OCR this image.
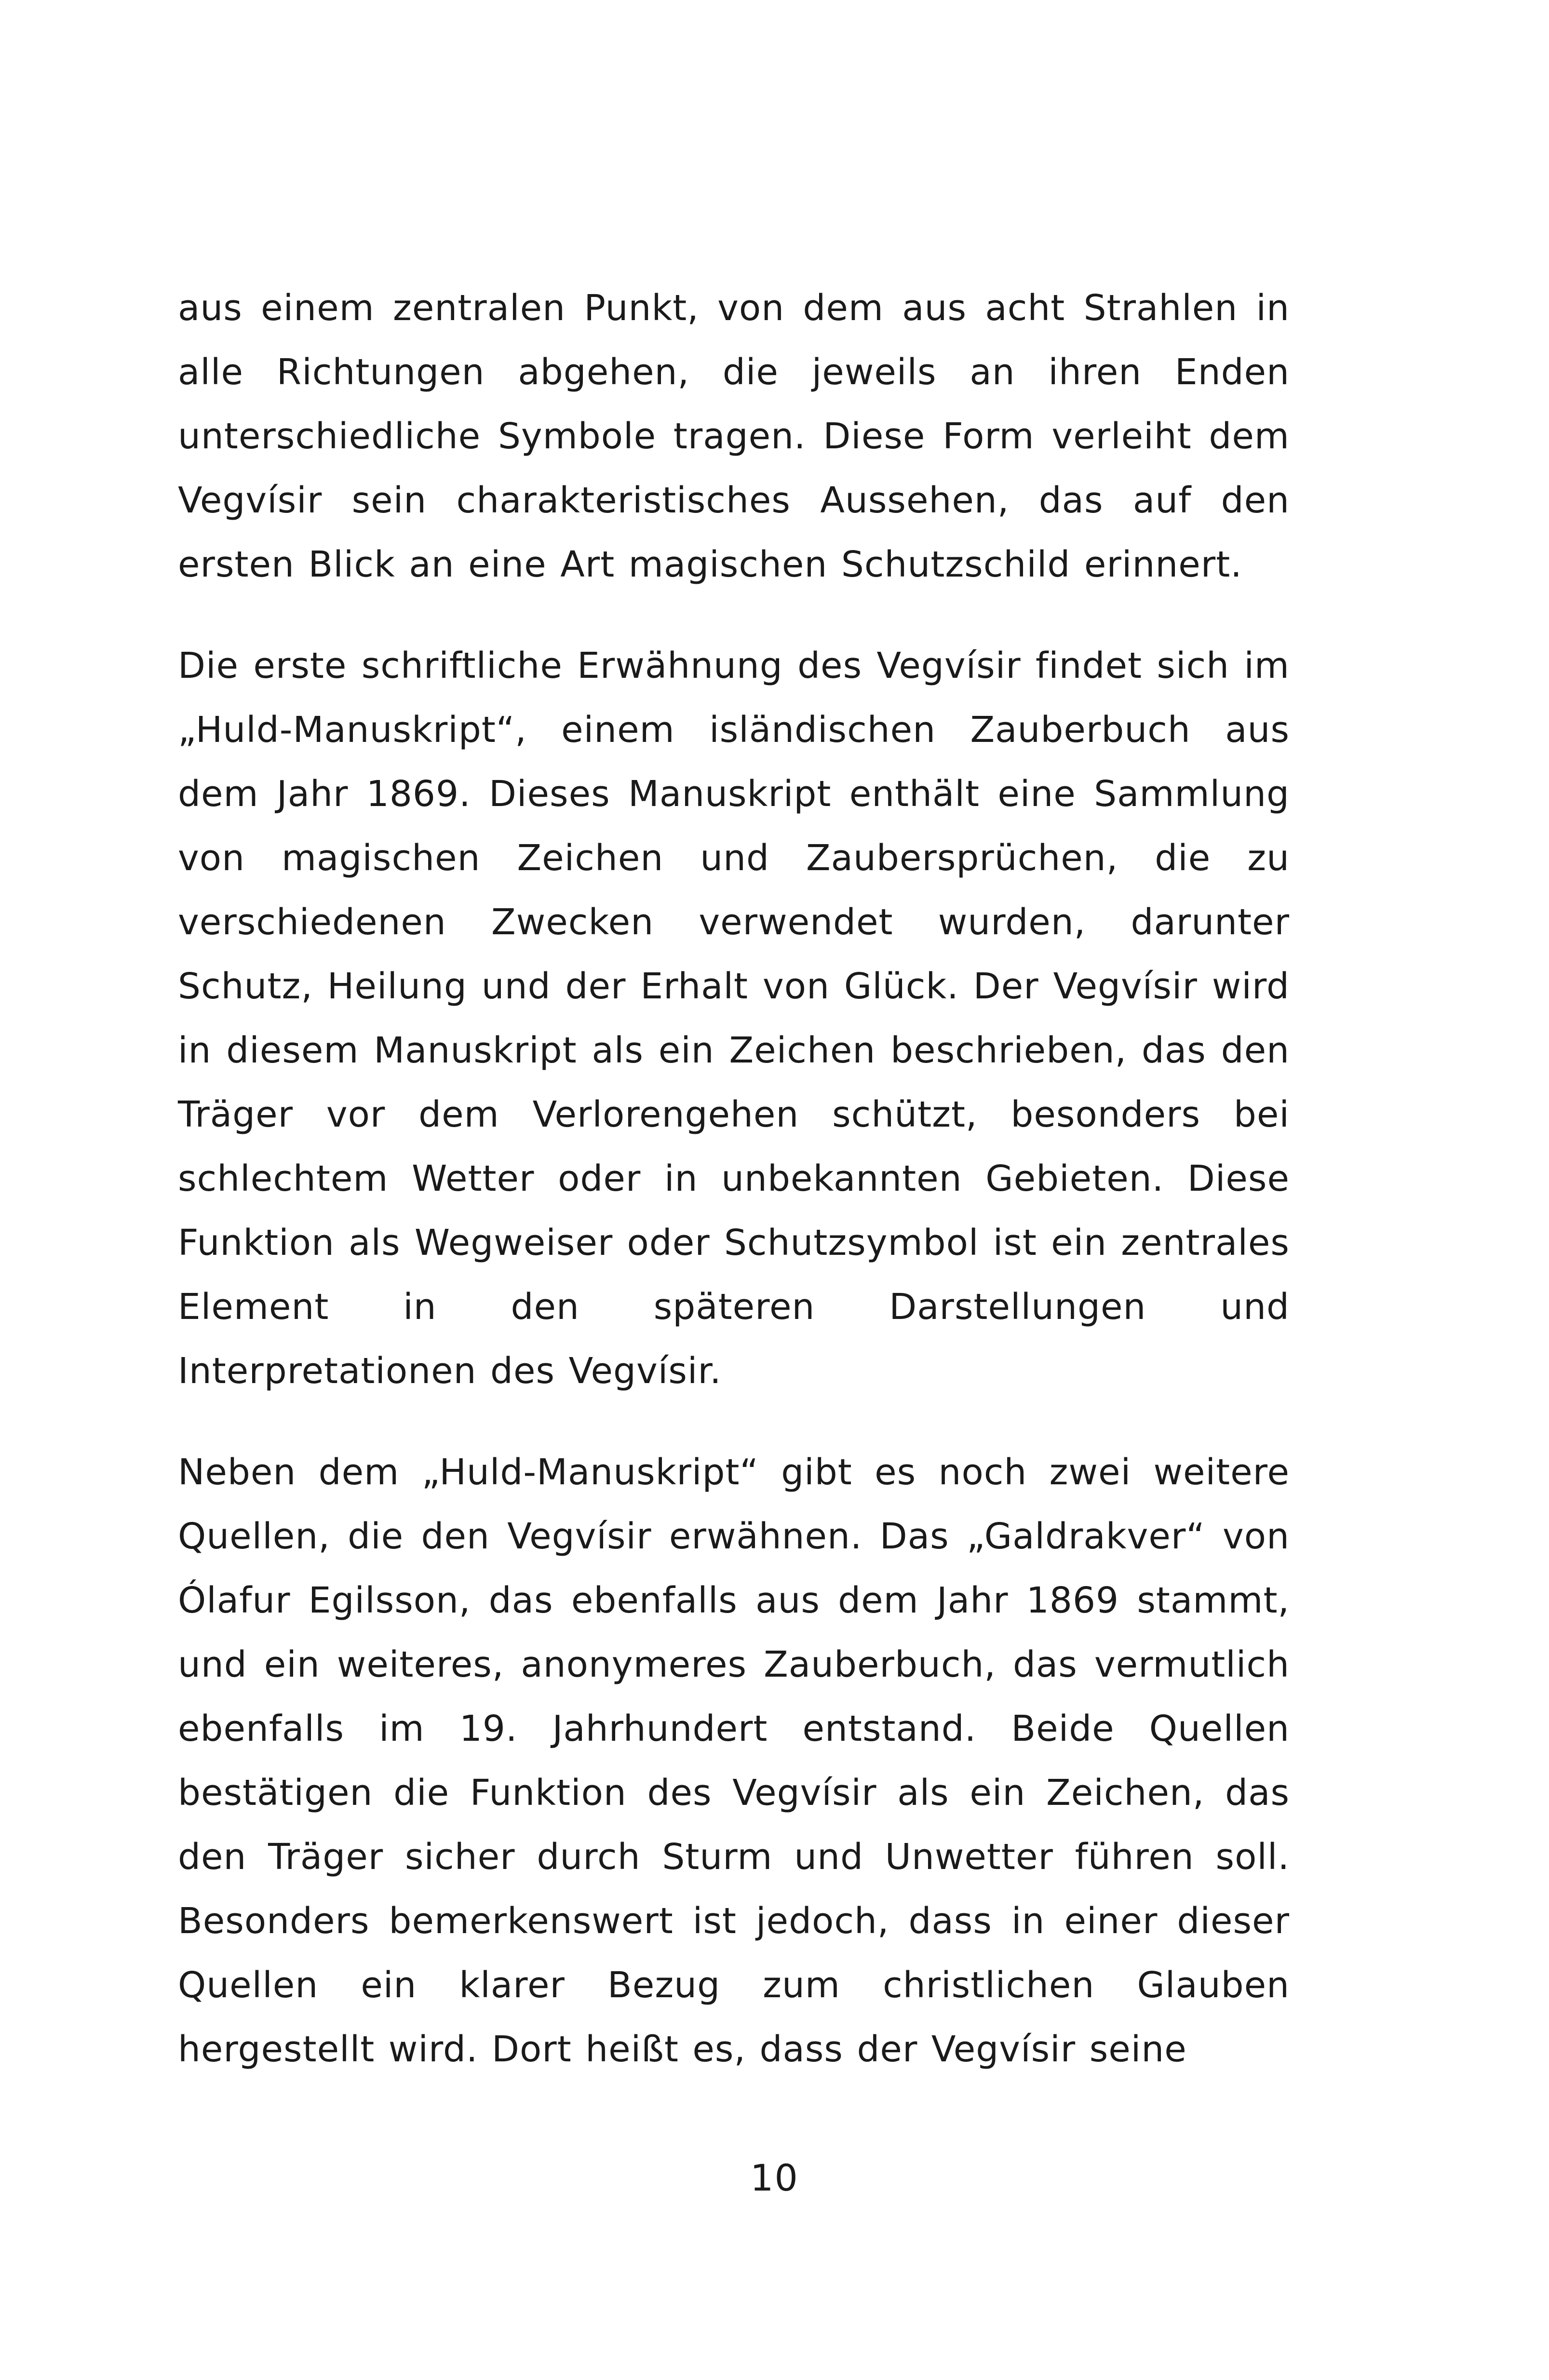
aus einem zentralen Punkt, von dem aus acht Strahlen in alle Richtungen abgehen, die jeweils an ihren Enden unterschiedliche Symbole tragen. Diese Form verleiht dem Vegvísir sein charakteristisches Aussehen, das auf den ersten Blick an eine Art magischen Schutzschild erinnert.

Die erste schriftliche Erwähnung des Vegvísir findet sich im „Huld-Manuskript“, einem isländischen Zauberbuch aus dem Jahr 1869. Dieses Manuskript enthält eine Sammlung von magischen Zeichen und Zaubersprüchen, die zu verschiedenen Zwecken verwendet wurden, darunter Schutz, Heilung und der Erhalt von Glück. Der Vegvísir wird in diesem Manuskript als ein Zeichen beschrieben, das den Träger vor dem Verlorengehen schützt, besonders bei schlechtem Wetter oder in unbekannten Gebieten. Diese Funktion als Wegweiser oder Schutzsymbol ist ein zentrales Element in den späteren Darstellungen und Interpretationen des Vegvísir.

Neben dem „Huld-Manuskript“ gibt es noch zwei weitere Quellen, die den Vegvísir erwähnen. Das „Galdrakver“ von Ólafur Egilsson, das ebenfalls aus dem Jahr 1869 stammt, und ein weiteres, anonymeres Zauberbuch, das vermutlich ebenfalls im 19. Jahrhundert entstand. Beide Quellen bestätigen die Funktion des Vegvísir als ein Zeichen, das den Träger sicher durch Sturm und Unwetter führen soll. Besonders bemerkenswert ist jedoch, dass in einer dieser Quellen ein klarer Bezug zum christlichen Glauben hergestellt wird. Dort heißt es, dass der Vegvísir seine

10
